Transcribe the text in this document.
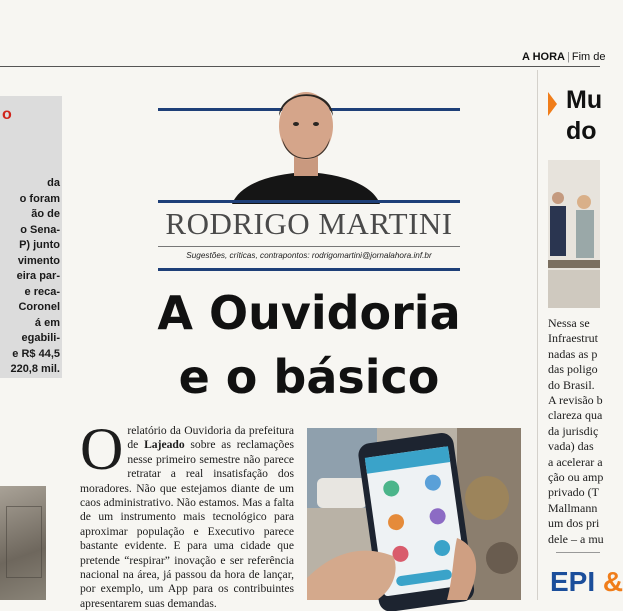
A HORA | Fim de
o
da
o foram
ão de
o Sena-
P) junto
vimento
eira par-
e reca-
Coronel
á em
egabili-
e R$ 44,5
220,8 mil.
RODRIGO MARTINI
Sugestões, críticas, contrapontos: rodrigomartini@jornalahora.inf.br
A Ouvidoria
e o básico
Orelatório da Ouvidoria da prefeitura de Lajeado sobre as reclamações nesse primeiro semestre não parece retratar a real insatisfação dos moradores. Não que estejamos diante de um caos administrativo. Não estamos. Mas a falta de um instrumento mais tecnológico para aproximar população e Executivo parece bastante evidente. E para uma cidade que pretende “respirar” inovação e ser referência nacional na área, já passou da hora de lançar, por exemplo, um App para os contribuintes apresentarem suas demandas.
Mu
do
Nessa se
Infraestrut
nadas as p
das poligo
do Brasil.
A revisão b
clareza qua
da jurisdiç
vada) das
a acelerar a
ção ou amp
privado (T
Mallmann
um dos pri
dele – a mu
EPI &
